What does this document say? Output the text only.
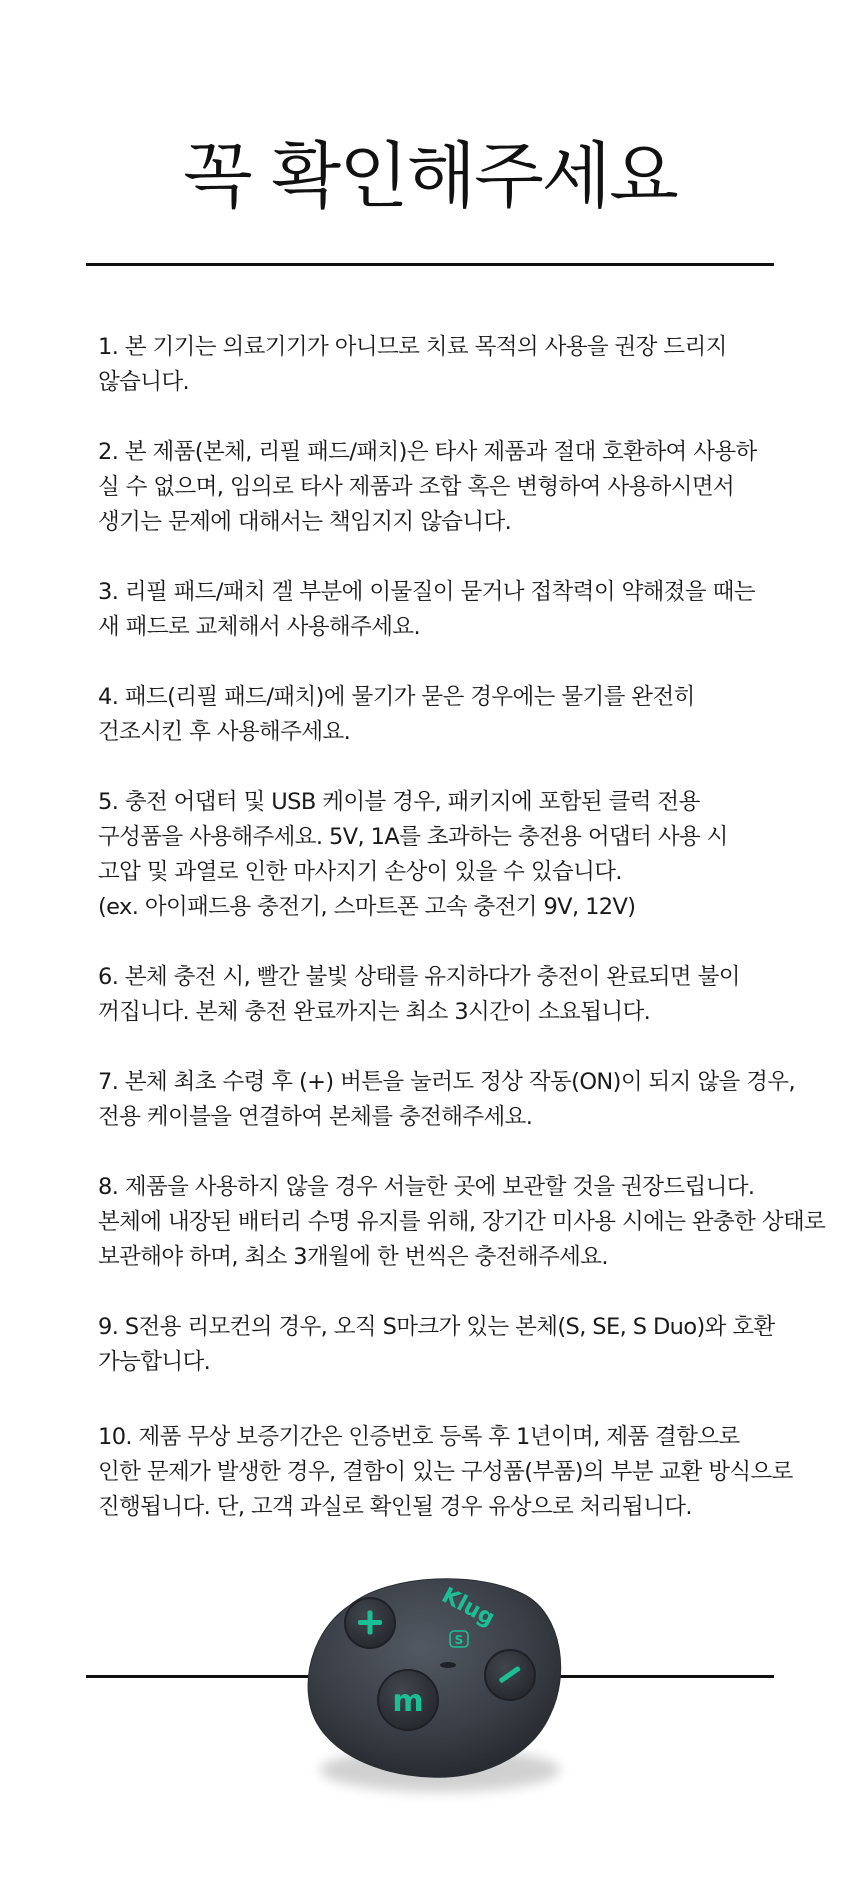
꼭 확인해주세요
1. 본 기기는 의료기기가 아니므로 치료 목적의 사용을 권장 드리지
않습니다.
2. 본 제품(본체, 리필 패드/패치)은 타사 제품과 절대 호환하여 사용하
실 수 없으며, 임의로 타사 제품과 조합 혹은 변형하여 사용하시면서
생기는 문제에 대해서는 책임지지 않습니다.
3. 리필 패드/패치 겔 부분에 이물질이 묻거나 접착력이 약해졌을 때는
새 패드로 교체해서 사용해주세요.
4. 패드(리필 패드/패치)에 물기가 묻은 경우에는 물기를 완전히
건조시킨 후 사용해주세요.
5. 충전 어댑터 및 USB 케이블 경우, 패키지에 포함된 클럭 전용
구성품을 사용해주세요. 5V, 1A를 초과하는 충전용 어댑터 사용 시
고압 및 과열로 인한 마사지기 손상이 있을 수 있습니다.
(ex. 아이패드용 충전기, 스마트폰 고속 충전기 9V, 12V)
6. 본체 충전 시, 빨간 불빛 상태를 유지하다가 충전이 완료되면 불이
꺼집니다. 본체 충전 완료까지는 최소 3시간이 소요됩니다.
7. 본체 최초 수령 후 (+) 버튼을 눌러도 정상 작동(ON)이 되지 않을 경우,
전용 케이블을 연결하여 본체를 충전해주세요.
8. 제품을 사용하지 않을 경우 서늘한 곳에 보관할 것을 권장드립니다.
본체에 내장된 배터리 수명 유지를 위해, 장기간 미사용 시에는 완충한 상태로
보관해야 하며, 최소 3개월에 한 번씩은 충전해주세요.
9. S전용 리모컨의 경우, 오직 S마크가 있는 본체(S, SE, S Duo)와 호환
가능합니다.
10. 제품 무상 보증기간은 인증번호 등록 후 1년이며, 제품 결함으로
인한 문제가 발생한 경우, 결함이 있는 구성품(부품)의 부분 교환 방식으로
진행됩니다. 단, 고객 과실로 확인될 경우 유상으로 처리됩니다.
m
Klug
S
